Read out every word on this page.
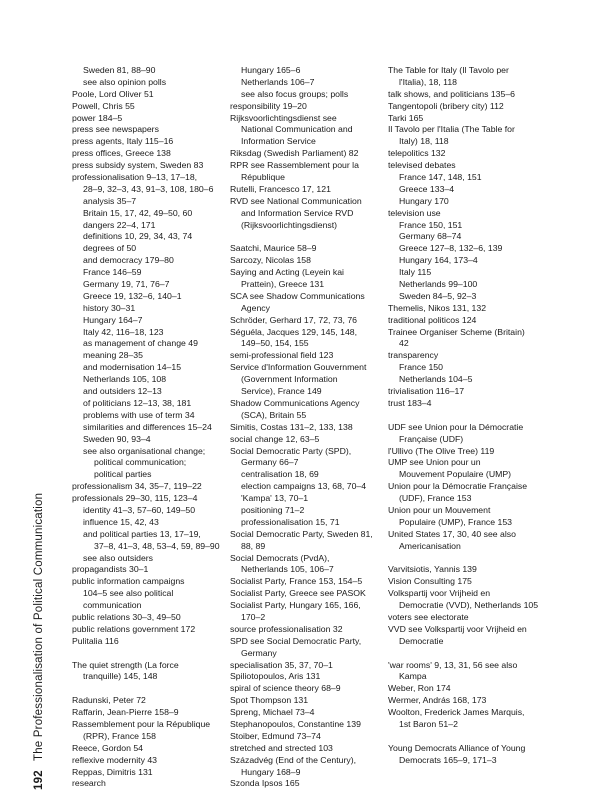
192 The Professionalisation of Political Communication
Sweden 81, 88–90
see also opinion polls
Poole, Lord Oliver 51
Powell, Chris 55
power 184–5
press see newspapers
press agents, Italy 115–16
press offices, Greece 138
press subsidy system, Sweden 83
professionalisation 9–13, 17–18,
28–9, 32–3, 43, 91–3, 108, 180–6
analysis 35–7
Britain 15, 17, 42, 49–50, 60
dangers 22–4, 171
definitions 10, 29, 34, 43, 74
degrees of 50
and democracy 179–80
France 146–59
Germany 19, 71, 76–7
Greece 19, 132–6, 140–1
history 30–31
Hungary 164–7
Italy 42, 116–18, 123
as management of change 49
meaning 28–35
and modernisation 14–15
Netherlands 105, 108
and outsiders 12–13
of politicians 12–13, 38, 181
problems with use of term 34
similarities and differences 15–24
Sweden 90, 93–4
see also organisational change;
political communication;
political parties
professionalism 34, 35–7, 119–22
professionals 29–30, 115, 123–4
identity 41–3, 57–60, 149–50
influence 15, 42, 43
and political parties 13, 17–19,
37–8, 41–3, 48, 53–4, 59, 89–90
see also outsiders
propagandists 30–1
public information campaigns
104–5 see also political
communication
public relations 30–3, 49–50
public relations government 172
Pulitalia 116
The quiet strength (La force
tranquille) 145, 148
Radunski, Peter 72
Raffarin, Jean-Pierre 158–9
Rassemblement pour la République
(RPR), France 158
Reece, Gordon 54
reflexive modernity 43
Reppas, Dimitris 131
research
Hungary 165–6
Netherlands 106–7
see also focus groups; polls
responsibility 19–20
Rijksvoorlichtingsdienst see
National Communication and
Information Service
Riksdag (Swedish Parliament) 82
RPR see Rassemblement pour la
République
Rutelli, Francesco 17, 121
RVD see National Communication
and Information Service RVD
(Rijksvoorlichtingsdienst)
Saatchi, Maurice 58–9
Sarcozy, Nicolas 158
Saying and Acting (Leyein kai
Prattein), Greece 131
SCA see Shadow Communications
Agency
Schröder, Gerhard 17, 72, 73, 76
Séguéla, Jacques 129, 145, 148,
149–50, 154, 155
semi-professional field 123
Service d'Information Gouvernment
(Government Information
Service), France 149
Shadow Communications Agency
(SCA), Britain 55
Simitis, Costas 131–2, 133, 138
social change 12, 63–5
Social Democratic Party (SPD),
Germany 66–7
centralisation 18, 69
election campaigns 13, 68, 70–4
'Kampa' 13, 70–1
positioning 71–2
professionalisation 15, 71
Social Democratic Party, Sweden 81,
88, 89
Social Democrats (PvdA),
Netherlands 105, 106–7
Socialist Party, France 153, 154–5
Socialist Party, Greece see PASOK
Socialist Party, Hungary 165, 166,
170–2
source professionalisation 32
SPD see Social Democratic Party,
Germany
specialisation 35, 37, 70–1
Spiliotopoulos, Aris 131
spiral of science theory 68–9
Spot Thompson 131
Spreng, Michael 73–4
Stephanopoulos, Constantine 139
Stoiber, Edmund 73–74
stretched and strected 103
Századvég (End of the Century),
Hungary 168–9
Szonda Ipsos 165
The Table for Italy (Il Tavolo per
l'Italia), 18, 118
talk shows, and politicians 135–6
Tangentopoli (bribery city) 112
Tarki 165
Il Tavolo per l'Italia (The Table for
Italy) 18, 118
telepolitics 132
televised debates
France 147, 148, 151
Greece 133–4
Hungary 170
television use
France 150, 151
Germany 68–74
Greece 127–8, 132–6, 139
Hungary 164, 173–4
Italy 115
Netherlands 99–100
Sweden 84–5, 92–3
Themelis, Nikos 131, 132
traditional politicos 124
Trainee Organiser Scheme (Britain)
42
transparency
France 150
Netherlands 104–5
trivialisation 116–17
trust 183–4
UDF see Union pour la Démocratie
Française (UDF)
l'Ullivo (The Olive Tree) 119
UMP see Union pour un
Mouvement Populaire (UMP)
Union pour la Démocratie Française
(UDF), France 153
Union pour un Mouvement
Populaire (UMP), France 153
United States 17, 30, 40 see also
Americanisation
Varvitsiotis, Yannis 139
Vision Consulting 175
Volkspartij voor Vrijheid en
Democratie (VVD), Netherlands 105
voters see electorate
VVD see Volkspartij voor Vrijheid en
Democratie
'war rooms' 9, 13, 31, 56 see also
Kampa
Weber, Ron 174
Wermer, András 168, 173
Woolton, Frederick James Marquis,
1st Baron 51–2
Young Democrats Alliance of Young
Democrats 165–9, 171–3
